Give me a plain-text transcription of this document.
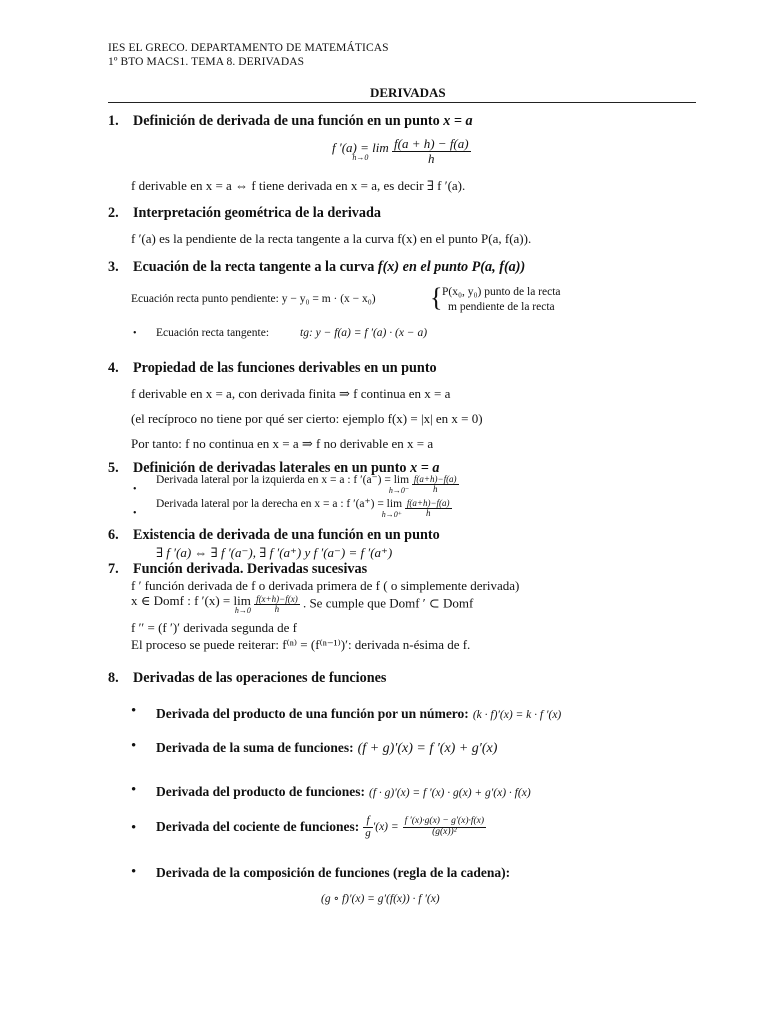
IES EL GRECO. DEPARTAMENTO DE MATEMÁTICAS
1º BTO MACS1. TEMA 8. DERIVADAS
DERIVADAS
1. Definición de derivada de una función en un punto x = a
f ′(a) = lim
h→0
	$\frac{f(a + h) - f(a)}{h}$
f derivable en x = a ⇔ f tiene derivada en x = a, es decir ∃ f ′(a).
2. Interpretación geométrica de la derivada
f ′(a) es la pendiente de la recta tangente a la curva f(x) en el punto P(a, f(a)).
3. Ecuación de la recta tangente a la curva f(x) en el punto P(a, f(a))
Ecuación recta punto pendiente: y − y₀ = m · (x − x₀) { P(x₀, y₀) punto de la recta
m pendiente de la recta
• Ecuación recta tangente:	tg: y − f(a) = f ′(a) · (x − a)
4. Propiedad de las funciones derivables en un punto
f derivable en x = a, con derivada finita ⇒ f continua en x = a
(el recíproco no tiene por qué ser cierto: ejemplo f(x) = |x| en x = 0)
Por tanto: f no continua en x = a ⇒ f no derivable en x = a
5. Definición de derivadas laterales en un punto x = a
•
Derivada lateral por la izquierda en x = a : f ′(a⁻) = lim
h→0⁻
$\frac{f(a+h)-f(a)}{h}$
•
Derivada lateral por la derecha en x = a : f ′(a⁺) = lim
h→0⁺
$\frac{f(a+h)-f(a)}{h}$
6. Existencia de derivada de una función en un punto
∃ f ′(a) ⇔ ∃ f ′(a⁻), ∃ f ′(a⁺) y f ′(a⁻) = f ′(a⁺)
7. Función derivada. Derivadas sucesivas
f ′ función derivada de f o derivada primera de f ( o simplemente derivada)
x ∈ Domf : f ′(x) = lim
h→0
$\frac{f(x+h)-f(x)}{h}$ . Se cumple que Domf ′ ⊂ Domf
f ′′ = (f ′)′ derivada segunda de f
El proceso se puede reiterar: f⁽ⁿ⁾ = (f⁽ⁿ⁻¹⁾)′: derivada n-ésima de f.
8. Derivadas de las operaciones de funciones
• Derivada del producto de una función por un número: (k · f)′(x) = k · f ′(x)
• Derivada de la suma de funciones: (f + g)′(x) = f ′(x) + g′(x)
• Derivada del producto de funciones: (f · g)′(x) = f ′(x) · g(x) + g′(x) · f(x)
• Derivada del cociente de funciones: $\frac{f}{g} '(x) = \frac{f '(x)\cdot g(x) - g'(x)\cdot f(x)}{\text{(g(x))²}}$
• Derivada de la composición de funciones (regla de la cadena):
(g ∘ f)′(x) = g′(f(x)) · f ′(x)
